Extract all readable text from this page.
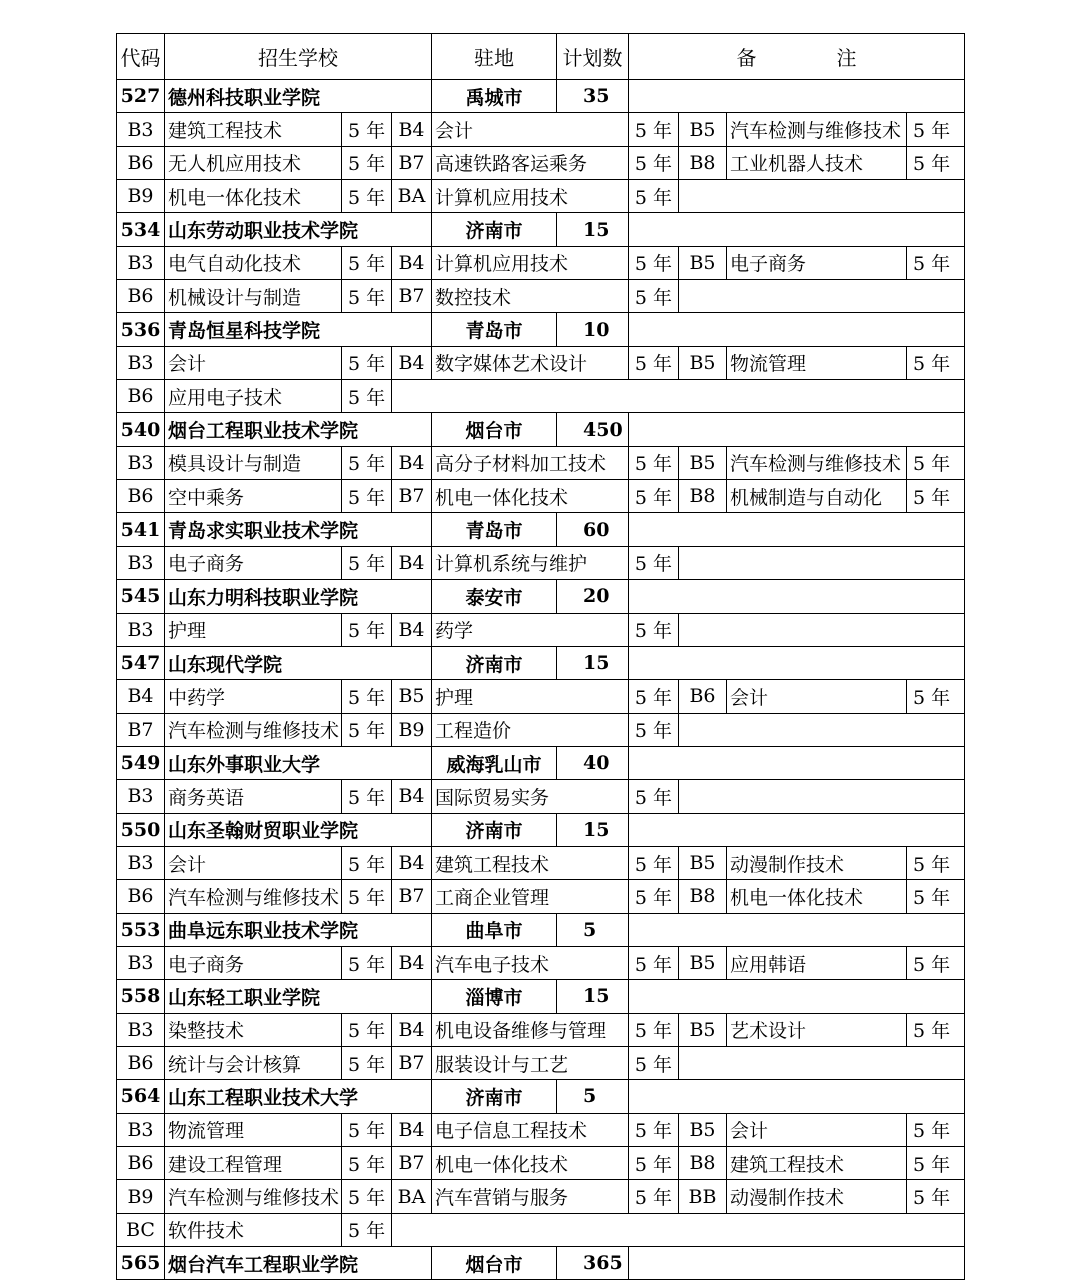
代码	招生学校			驻地	计划数	备 注			
527	德州科技职业学院			禹城市	35				
B3	建筑工程技术	5 年	B4	会计		5 年	B5	汽车检测与维修技术	5 年
B6	无人机应用技术	5 年	B7	高速铁路客运乘务		5 年	B8	工业机器人技术	5 年
B9	机电一体化技术	5 年	BA	计算机应用技术		5 年			
534	山东劳动职业技术学院			济南市	15				
B3	电气自动化技术	5 年	B4	计算机应用技术		5 年	B5	电子商务	5 年
B6	机械设计与制造	5 年	B7	数控技术		5 年			
536	青岛恒星科技学院			青岛市	10				
B3	会计	5 年	B4	数字媒体艺术设计		5 年	B5	物流管理	5 年
B6	应用电子技术	5 年							
540	烟台工程职业技术学院			烟台市	450				
B3	模具设计与制造	5 年	B4	高分子材料加工技术		5 年	B5	汽车检测与维修技术	5 年
B6	空中乘务	5 年	B7	机电一体化技术		5 年	B8	机械制造与自动化	5 年
541	青岛求实职业技术学院			青岛市	60				
B3	电子商务	5 年	B4	计算机系统与维护		5 年			
545	山东力明科技职业学院			泰安市	20				
B3	护理	5 年	B4	药学		5 年			
547	山东现代学院			济南市	15				
B4	中药学	5 年	B5	护理		5 年	B6	会计	5 年
B7	汽车检测与维修技术	5 年	B9	工程造价		5 年			
549	山东外事职业大学			威海乳山市	40				
B3	商务英语	5 年	B4	国际贸易实务		5 年			
550	山东圣翰财贸职业学院			济南市	15				
B3	会计	5 年	B4	建筑工程技术		5 年	B5	动漫制作技术	5 年
B6	汽车检测与维修技术	5 年	B7	工商企业管理		5 年	B8	机电一体化技术	5 年
553	曲阜远东职业技术学院			曲阜市	5				
B3	电子商务	5 年	B4	汽车电子技术		5 年	B5	应用韩语	5 年
558	山东轻工职业学院			淄博市	15				
B3	染整技术	5 年	B4	机电设备维修与管理		5 年	B5	艺术设计	5 年
B6	统计与会计核算	5 年	B7	服装设计与工艺		5 年			
564	山东工程职业技术大学			济南市	5				
B3	物流管理	5 年	B4	电子信息工程技术		5 年	B5	会计	5 年
B6	建设工程管理	5 年	B7	机电一体化技术		5 年	B8	建筑工程技术	5 年
B9	汽车检测与维修技术	5 年	BA	汽车营销与服务		5 年	BB	动漫制作技术	5 年
BC	软件技术	5 年							
565	烟台汽车工程职业学院			烟台市	365				
